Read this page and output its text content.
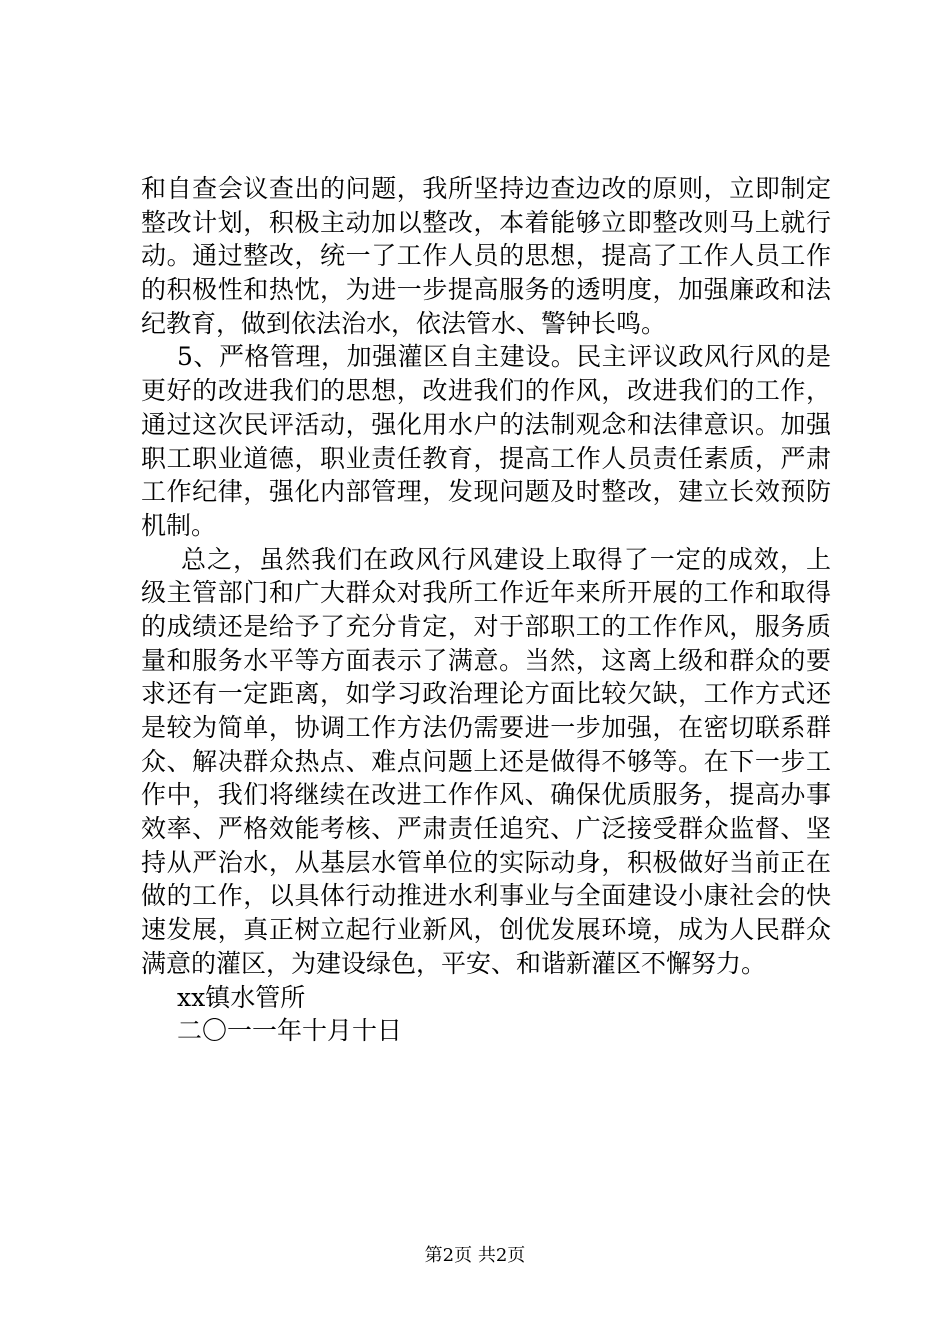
和自查会议查出的问题，我所坚持边查边改的原则，立即制定
整改计划，积极主动加以整改，本着能够立即整改则马上就行
动。通过整改，统一了工作人员的思想，提高了工作人员工作
的积极性和热忱，为进一步提高服务的透明度，加强廉政和法
纪教育，做到依法治水，依法管水、警钟长鸣。
5、严格管理，加强灌区自主建设。民主评议政风行风的是
更好的改进我们的思想，改进我们的作风，改进我们的工作，
通过这次民评活动，强化用水户的法制观念和法律意识。加强
职工职业道德，职业责任教育，提高工作人员责任素质，严肃
工作纪律，强化内部管理，发现问题及时整改，建立长效预防
机制。
总之，虽然我们在政风行风建设上取得了一定的成效，上
级主管部门和广大群众对我所工作近年来所开展的工作和取得
的成绩还是给予了充分肯定，对于部职工的工作作风，服务质
量和服务水平等方面表示了满意。当然，这离上级和群众的要
求还有一定距离，如学习政治理论方面比较欠缺，工作方式还
是较为简单，协调工作方法仍需要进一步加强，在密切联系群
众、解决群众热点、难点问题上还是做得不够等。在下一步工
作中，我们将继续在改进工作作风、确保优质服务，提高办事
效率、严格效能考核、严肃责任追究、广泛接受群众监督、坚
持从严治水，从基层水管单位的实际动身，积极做好当前正在
做的工作，以具体行动推进水利事业与全面建设小康社会的快
速发展，真正树立起行业新风，创优发展环境，成为人民群众
满意的灌区，为建设绿色，平安、和谐新灌区不懈努力。
xx镇水管所
二〇一一年十月十日
第2页 共2页
